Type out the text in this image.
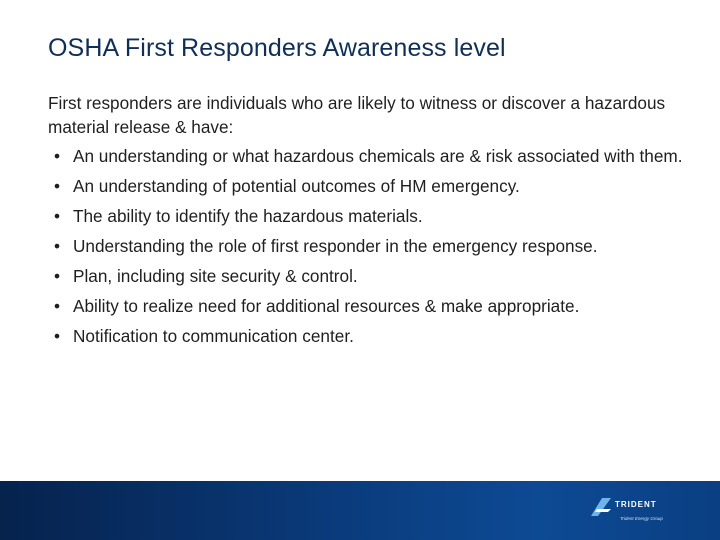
OSHA First Responders Awareness level

First responders are individuals who are likely to witness or discover a hazardous material release & have:

• An understanding or what hazardous chemicals are & risk associated with them.
• An understanding of potential outcomes of HM emergency.
• The ability to identify the hazardous materials.
• Understanding the role of first responder in the emergency response.
• Plan, including site security & control.
• Ability to realize need for additional resources & make appropriate.
• Notification to communication center.
TRIDENT
Trident Energy Group
